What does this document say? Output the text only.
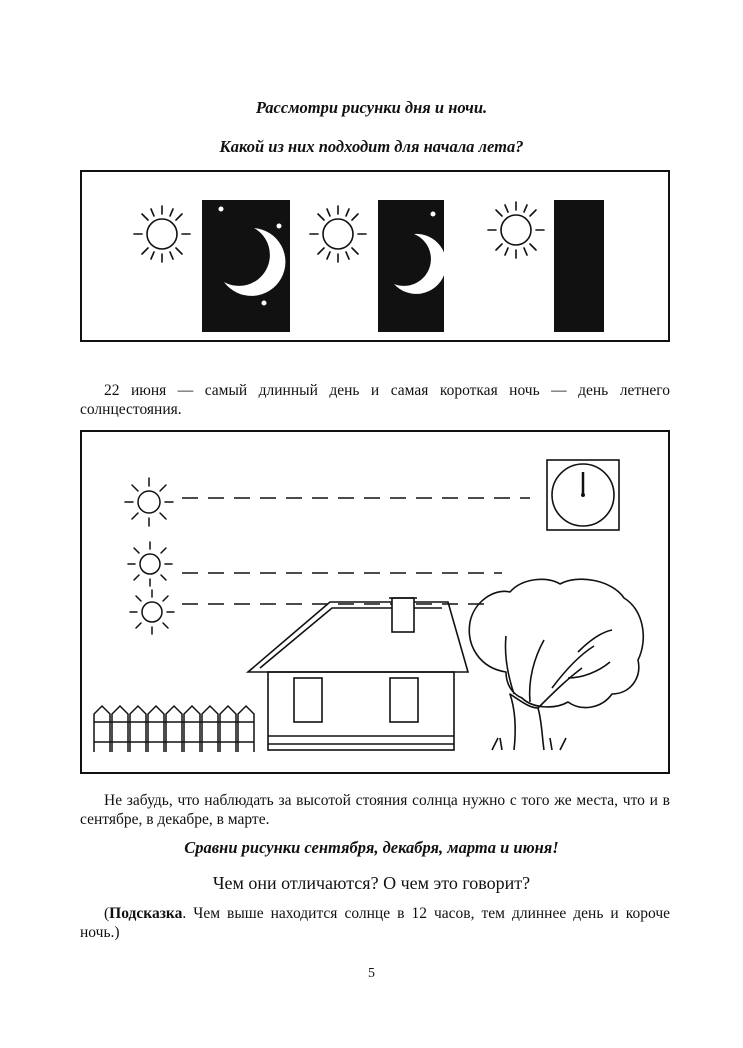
Рассмотри рисунки дня и ночи.
Какой из них подходит для начала лета?
22 июня — самый длинный день и самая короткая ночь — день летнего солнцестояния.
Не забудь, что наблюдать за высотой стояния солнца нужно с того же места, что и в сентябре, в декабре, в марте.
Сравни рисунки сентября, декабря, марта и июня!
Чем они отличаются? О чем это говорит?
(Подсказка. Чем выше находится солнце в 12 часов, тем длиннее день и короче ночь.)
5
